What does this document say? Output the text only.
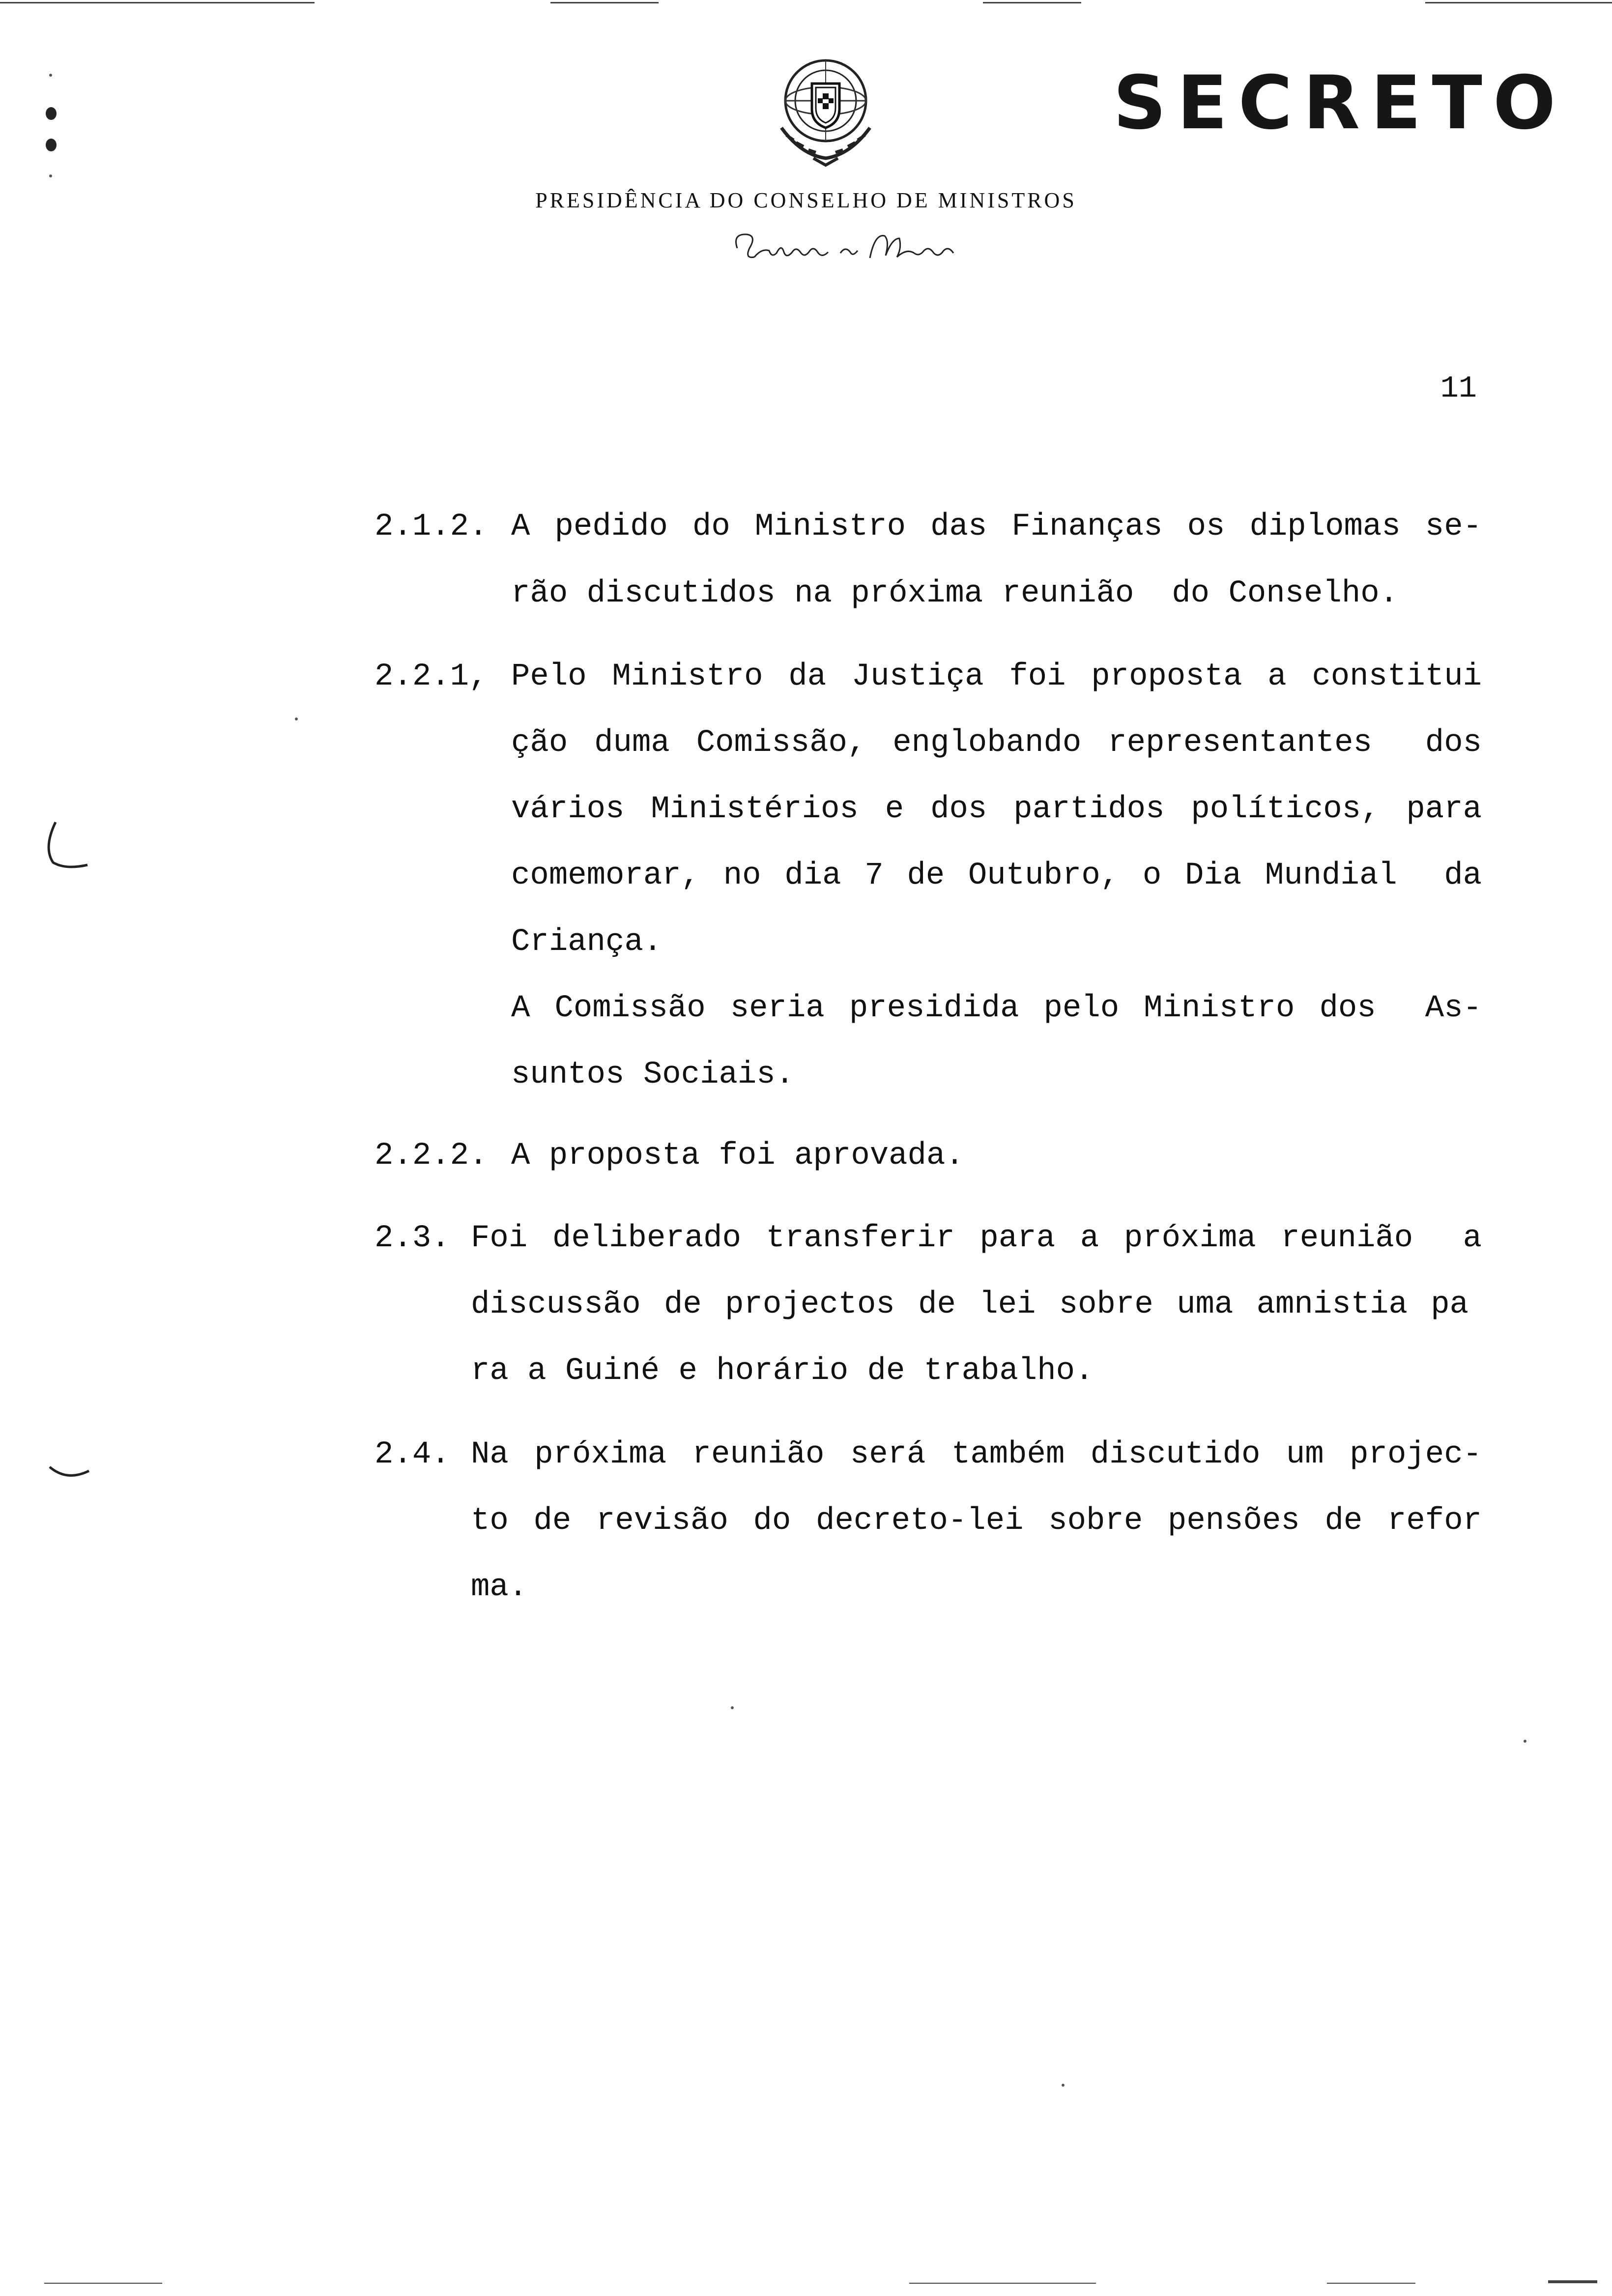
SECRETO
PRESIDÊNCIA DO CONSELHO DE MINISTROS
11
2.1.2. A pedido do Ministro das Finanças os diplomas se-
rão discutidos na próxima reunião  do Conselho.
2.2.1, Pelo Ministro da Justiça foi proposta a constitui
ção duma Comissão, englobando representantes  dos
vários Ministérios e dos partidos políticos, para
comemorar, no dia 7 de Outubro, o Dia Mundial  da
Criança.
A Comissão seria presidida pelo Ministro dos  As-
suntos Sociais.
2.2.2. A proposta foi aprovada.
2.3. Foi deliberado transferir para a próxima reunião  a
discussão de projectos de lei sobre uma amnistia pa
ra a Guiné e horário de trabalho.
2.4. Na próxima reunião será também discutido um projec-
to de revisão do decreto-lei sobre pensões de refor
ma.
